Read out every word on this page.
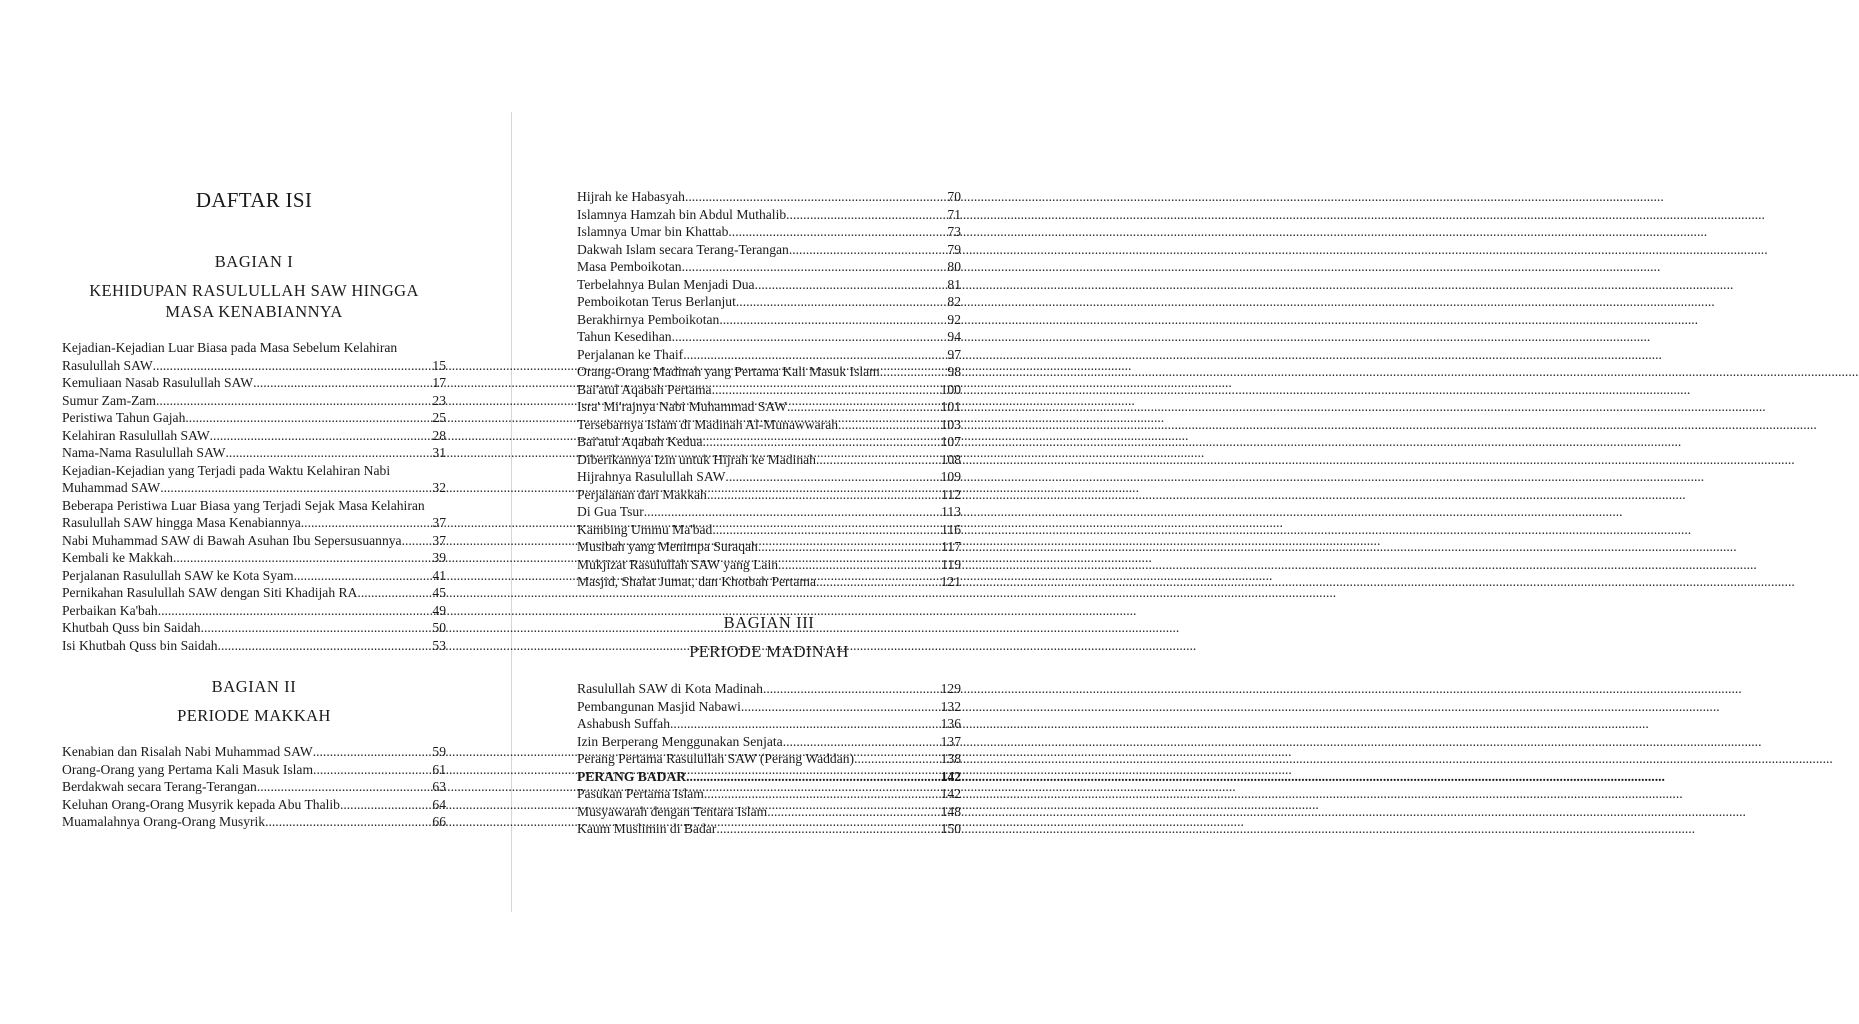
DAFTAR ISI
BAGIAN I
KEHIDUPAN RASULULLAH SAW HINGGA
MASA KENABIANNYA
Kejadian-Kejadian Luar Biasa pada Masa Sebelum Kelahiran
Rasulullah SAW .....	15
Kemuliaan Nasab Rasulullah SAW .....	17
Sumur Zam-Zam .....	23
Peristiwa Tahun Gajah .....	25
Kelahiran Rasulullah SAW .....	28
Nama-Nama Rasulullah SAW .....	31
Kejadian-Kejadian yang Terjadi pada Waktu Kelahiran Nabi
Muhammad SAW .....	32
Beberapa Peristiwa Luar Biasa yang Terjadi Sejak Masa Kelahiran
Rasulullah SAW hingga Masa Kenabiannya. .....	37
Nabi Muhammad SAW di Bawah Asuhan Ibu Sepersusuannya ..... 37
Kembali ke Makkah .....	39
Perjalanan Rasulullah SAW ke Kota Syam .....	41
Pernikahan Rasulullah SAW dengan Siti Khadijah RA .....	45
Perbaikan Ka'bah .....	49
Khutbah Quss bin Saidah .....	50
Isi Khutbah Quss bin Saidah .....	53
BAGIAN II
PERIODE MAKKAH
Kenabian dan Risalah Nabi Muhammad SAW .....	59
Orang-Orang yang Pertama Kali Masuk Islam .....	61
Berdakwah secara Terang-Terangan .....	63
Keluhan Orang-Orang Musyrik kepada Abu Thalib .....	64
Muamalahnya Orang-Orang Musyrik .....	66
Hijrah ke Habasyah .....	70
Islamnya Hamzah bin Abdul Muthalib .....	71
Islamnya Umar bin Khattab .....	73
Dakwah Islam secara Terang-Terangan .....	79
Masa Pemboikotan .....	80
Terbelahnya Bulan Menjadi Dua .....	81
Pemboikotan Terus Berlanjut .....	82
Berakhirnya Pemboikotan .....	92
Tahun Kesedihan .....	94
Perjalanan ke Thaif .....	97
Orang-Orang Madinah yang Pertama Kali Masuk Islam .....	98
Bai'atul Aqabah Pertama .....	100
Isra' Mi'rajnya Nabi Muhammad SAW .....	101
Tersebarnya Islam di Madinah Al-Munawwarah .....	103
Bai'atul Aqabah Kedua .....	107
Diberikannya Izin untuk Hijrah ke Madinah .....	108
Hijrahnya Rasulullah SAW .....	109
Perjalanan dari Makkah .....	112
Di Gua Tsur .....	113
Kambing Ummu Ma'bad .....	116
Musibah yang Menimpa Suraqah .....	117
Mukjizat Rasulullah SAW yang Lain .....	119
Masjid, Shalat Jumat, dan Khotbah Pertama .....	121
BAGIAN III
PERIODE MADINAH
Rasulullah SAW di Kota Madinah .....	129
Pembangunan Masjid Nabawi .....	132
Ashabush Suffah .....	136
Izin Berperang Menggunakan Senjata .....	137
Perang Pertama Rasulullah SAW (Perang Waddan) .....	138
PERANG BADAR .....	142
Pasukan Pertama Islam .....	142
Musyawarah dengan Tentara Islam .....	148
Kaum Muslimin di Badar .....	150
